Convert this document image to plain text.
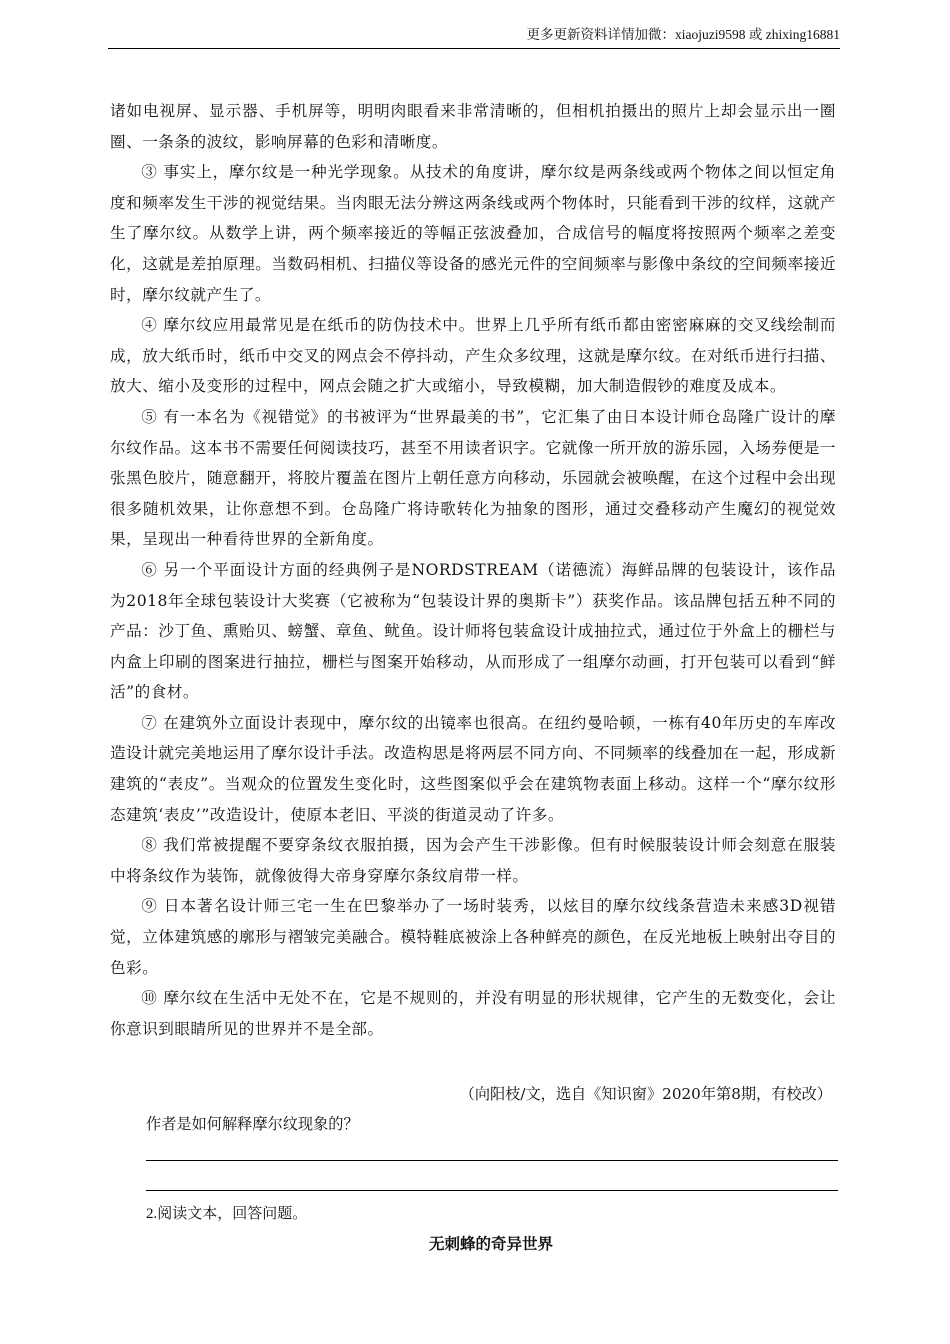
更多更新资料详情加微：xiaojuzi9598 或 zhixing16881

诸如电视屏、显示器、手机屏等，明明肉眼看来非常清晰的，但相机拍摄出的照片上却会显示出一圈圈、一条条的波纹，影响屏幕的色彩和清晰度。

③ 事实上，摩尔纹是一种光学现象。从技术的角度讲，摩尔纹是两条线或两个物体之间以恒定角度和频率发生干涉的视觉结果。当肉眼无法分辨这两条线或两个物体时，只能看到干涉的纹样，这就产生了摩尔纹。从数学上讲，两个频率接近的等幅正弦波叠加，合成信号的幅度将按照两个频率之差变化，这就是差拍原理。当数码相机、扫描仪等设备的感光元件的空间频率与影像中条纹的空间频率接近时，摩尔纹就产生了。

④ 摩尔纹应用最常见是在纸币的防伪技术中。世界上几乎所有纸币都由密密麻麻的交叉线绘制而成，放大纸币时，纸币中交叉的网点会不停抖动，产生众多纹理，这就是摩尔纹。在对纸币进行扫描、放大、缩小及变形的过程中，网点会随之扩大或缩小，导致模糊，加大制造假钞的难度及成本。

⑤ 有一本名为《视错觉》的书被评为“世界最美的书”，它汇集了由日本设计师仓岛隆广设计的摩尔纹作品。这本书不需要任何阅读技巧，甚至不用读者识字。它就像一所开放的游乐园，入场券便是一张黑色胶片，随意翻开，将胶片覆盖在图片上朝任意方向移动，乐园就会被唤醒，在这个过程中会出现很多随机效果，让你意想不到。仓岛隆广将诗歌转化为抽象的图形，通过交叠移动产生魔幻的视觉效果，呈现出一种看待世界的全新角度。

⑥ 另一个平面设计方面的经典例子是NORDSTREAM（诺德流）海鲜品牌的包装设计，该作品为2018年全球包装设计大奖赛（它被称为“包装设计界的奥斯卡”）获奖作品。该品牌包括五种不同的产品：沙丁鱼、熏贻贝、螃蟹、章鱼、鱿鱼。设计师将包装盒设计成抽拉式，通过位于外盒上的栅栏与内盒上印刷的图案进行抽拉，栅栏与图案开始移动，从而形成了一组摩尔动画，打开包装可以看到“鲜活”的食材。

⑦ 在建筑外立面设计表现中，摩尔纹的出镜率也很高。在纽约曼哈顿，一栋有40年历史的车库改造设计就完美地运用了摩尔设计手法。改造构思是将两层不同方向、不同频率的线叠加在一起，形成新建筑的“表皮”。当观众的位置发生变化时，这些图案似乎会在建筑物表面上移动。这样一个“摩尔纹形态建筑‘表皮’”改造设计，使原本老旧、平淡的街道灵动了许多。

⑧ 我们常被提醒不要穿条纹衣服拍摄，因为会产生干涉影像。但有时候服装设计师会刻意在服装中将条纹作为装饰，就像彼得大帝身穿摩尔条纹肩带一样。

⑨ 日本著名设计师三宅一生在巴黎举办了一场时装秀，以炫目的摩尔纹线条营造未来感3D视错觉，立体建筑感的廓形与褶皱完美融合。模特鞋底被涂上各种鲜亮的颜色，在反光地板上映射出夺目的色彩。

⑩ 摩尔纹在生活中无处不在，它是不规则的，并没有明显的形状规律，它产生的无数变化，会让你意识到眼睛所见的世界并不是全部。

（向阳枝/文，选自《知识窗》2020年第8期，有校改）
作者是如何解释摩尔纹现象的？
2.阅读文本，回答问题。
无刺蜂的奇异世界
